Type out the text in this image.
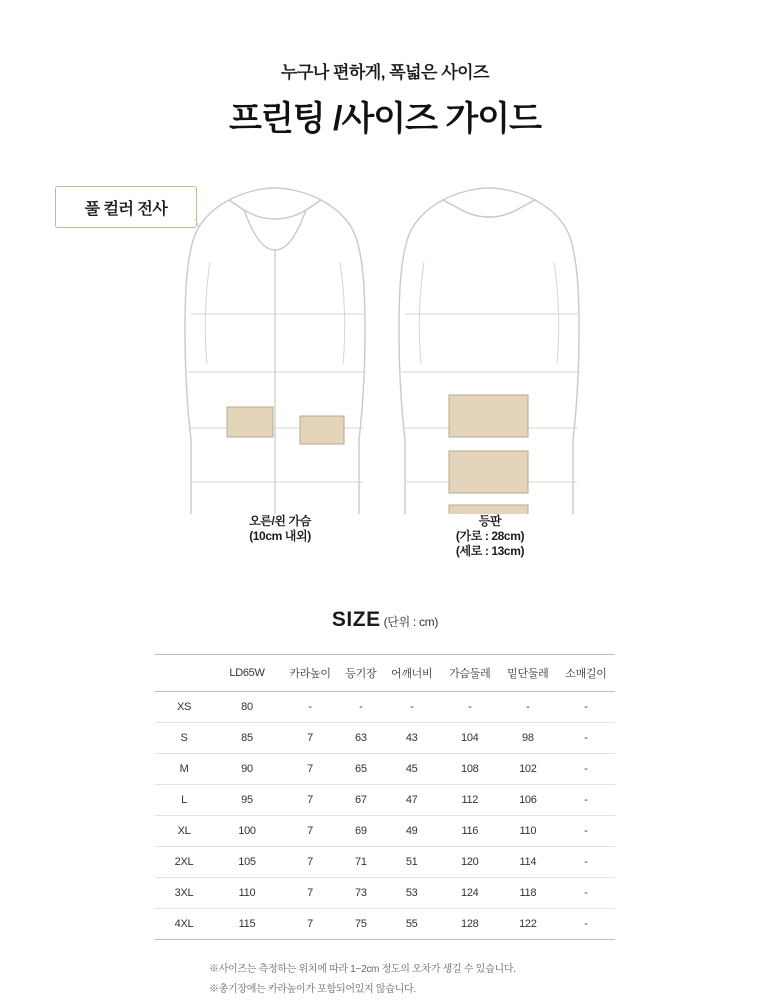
누구나 편하게, 폭넓은 사이즈
프린팅 /사이즈 가이드
풀 컬러 전사
오른/왼 가슴
(10cm 내외)
등판
(가로 : 28cm)
(세로 : 13cm)
SIZE (단위 : cm)
	LD65W	카라높이	등기장	어깨너비	가슴둘레	밑단둘레	소매길이
XS	80	-	-	-	-	-	-
S	85	7	63	43	104	98	-
M	90	7	65	45	108	102	-
L	95	7	67	47	112	106	-
XL	100	7	69	49	116	110	-
2XL	105	7	71	51	120	114	-
3XL	110	7	73	53	124	118	-
4XL	115	7	75	55	128	122	-
※사이즈는 측정하는 위치에 따라 1~2cm 정도의 오차가 생길 수 있습니다.
※총기장에는 카라높이가 포함되어있지 않습니다.
